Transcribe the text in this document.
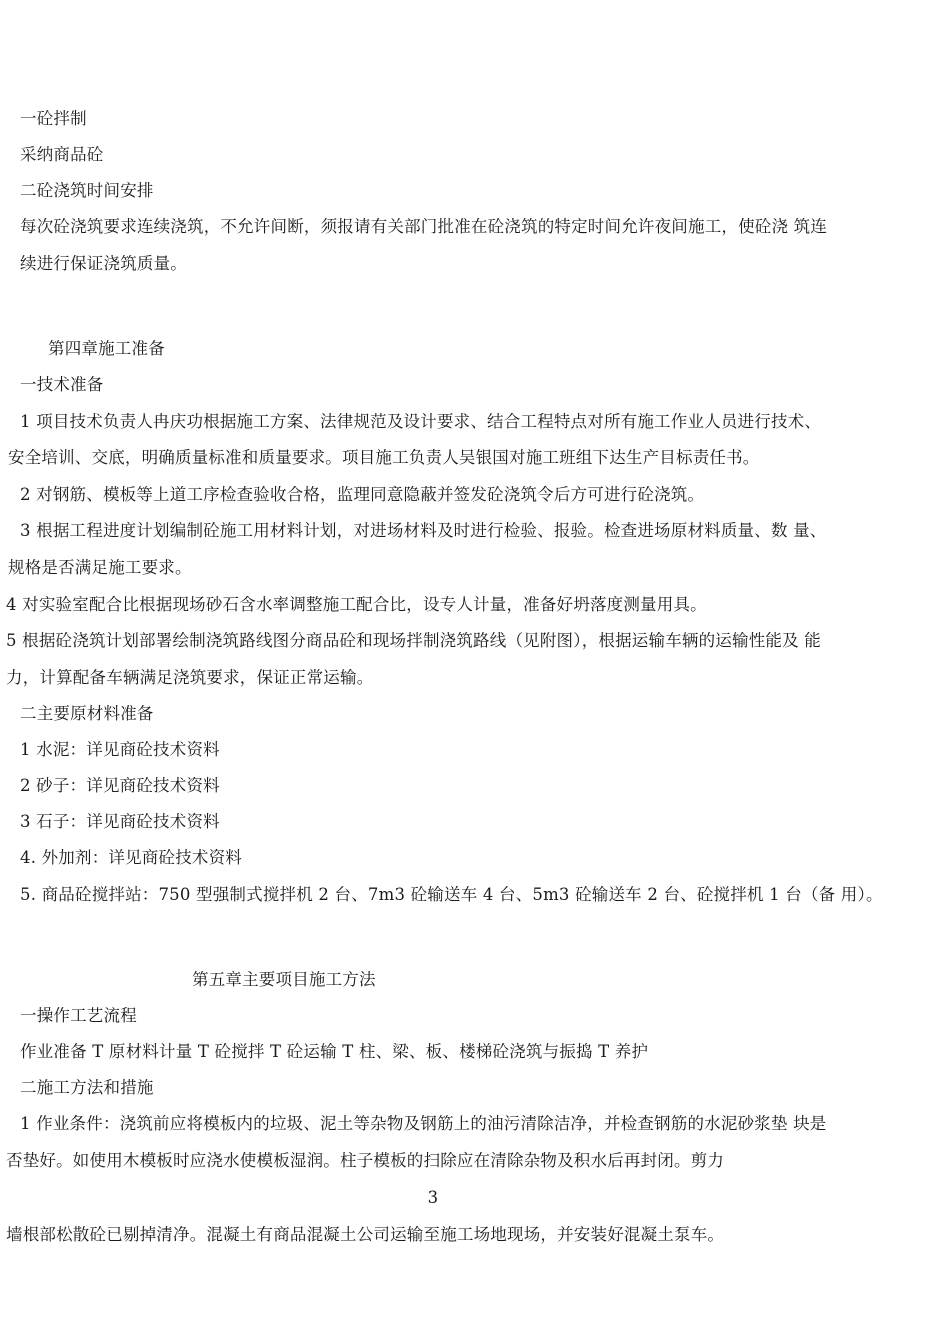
一砼拌制
采纳商品砼
二砼浇筑时间安排
每次砼浇筑要求连续浇筑，不允许间断，须报请有关部门批准在砼浇筑的特定时间允许夜间施工，使砼浇 筑连
续进行保证浇筑质量。
第四章施工准备
一技术准备
1 项目技术负责人冉庆功根据施工方案、法律规范及设计要求、结合工程特点对所有施工作业人员进行技术、
安全培训、交底，明确质量标准和质量要求。项目施工负责人吴银国对施工班组下达生产目标责任书。
2 对钢筋、模板等上道工序检查验收合格，监理同意隐蔽并签发砼浇筑令后方可进行砼浇筑。
3 根据工程进度计划编制砼施工用材料计划，对进场材料及时进行检验、报验。检查进场原材料质量、数 量、
规格是否满足施工要求。
4 对实验室配合比根据现场砂石含水率调整施工配合比，设专人计量，准备好坍落度测量用具。
5 根据砼浇筑计划部署绘制浇筑路线图分商品砼和现场拌制浇筑路线（见附图），根据运输车辆的运输性能及 能
力，计算配备车辆满足浇筑要求，保证正常运输。
二主要原材料准备
1 水泥：详见商砼技术资料
2 砂子：详见商砼技术资料
3 石子：详见商砼技术资料
4. 外加剂：详见商砼技术资料
5. 商品砼搅拌站：750 型强制式搅拌机 2 台、7m3 砼输送车 4 台、5m3 砼输送车 2 台、砼搅拌机 1 台（备 用）。
第五章主要项目施工方法
一操作工艺流程
作业准备 T 原材料计量 T 砼搅拌 T 砼运输 T 柱、梁、板、楼梯砼浇筑与振捣 T 养护
二施工方法和措施
1 作业条件：浇筑前应将模板内的垃圾、泥土等杂物及钢筋上的油污清除洁净，并检查钢筋的水泥砂浆垫 块是
否垫好。如使用木模板时应浇水使模板湿润。柱子模板的扫除应在清除杂物及积水后再封闭。剪力
3
墙根部松散砼已剔掉清净。混凝土有商品混凝土公司运输至施工场地现场，并安装好混凝土泵车。
